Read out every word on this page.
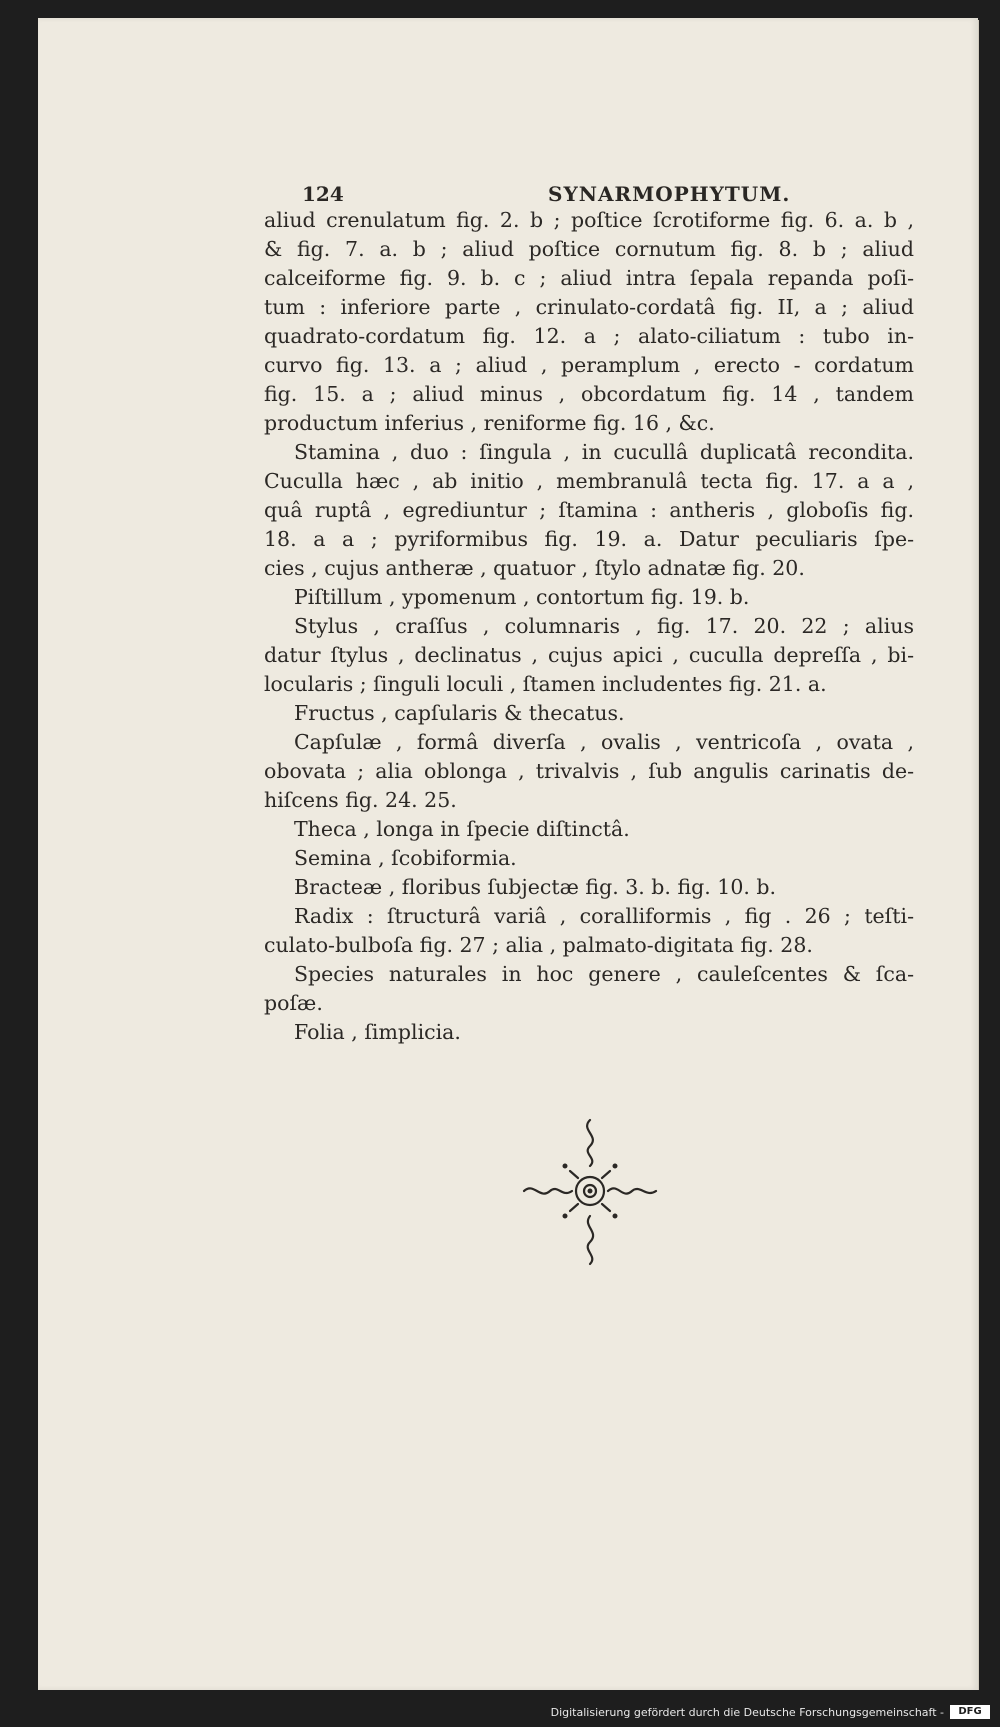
124	SYNARMOPHYTUM.
aliud crenulatum fig. 2. b ; poſtice ſcrotiforme fig. 6. a. b ,
& fig. 7. a. b ; aliud poſtice cornutum fig. 8. b ; aliud
calceiforme fig. 9. b. c ; aliud intra ſepala repanda poſi-
tum : inferiore parte , crinulato-cordatâ fig. II, a ; aliud
quadrato-cordatum fig. 12. a ; alato-ciliatum : tubo in-
curvo fig. 13. a ; aliud , peramplum , erecto - cordatum
fig. 15. a ; aliud minus , obcordatum fig. 14 , tandem
productum inferius , reniforme fig. 16 , &c.
Stamina , duo : ſingula , in cucullâ duplicatâ recondita.
Cuculla hæc , ab initio , membranulâ tecta fig. 17. a a ,
quâ ruptâ , egrediuntur ; ſtamina : antheris , globoſis fig.
18. a a ; pyriformibus fig. 19. a. Datur peculiaris ſpe-
cies , cujus antheræ , quatuor , ſtylo adnatæ fig. 20.
Piſtillum , ypomenum , contortum fig. 19. b.
Stylus , craſſus , columnaris , fig. 17. 20. 22 ; alius
datur ſtylus , declinatus , cujus apici , cuculla depreſſa , bi-
locularis ; ſinguli loculi , ſtamen includentes fig. 21. a.
Fructus , capſularis & thecatus.
Capſulæ , formâ diverſa , ovalis , ventricoſa , ovata ,
obovata ; alia oblonga , trivalvis , ſub angulis carinatis de-
hiſcens fig. 24. 25.
Theca , longa in ſpecie diſtinctâ.
Semina , ſcobiformia.
Bracteæ , floribus ſubjectæ fig. 3. b. fig. 10. b.
Radix : ſtructurâ variâ , coralliformis , fig . 26 ; teſti-
culato-bulboſa fig. 27 ; alia , palmato-digitata fig. 28.
Species naturales in hoc genere , cauleſcentes & ſca-
poſæ.
Folia , ſimplicia.
Digitalisierung gefördert durch die Deutsche Forschungsgemeinschaft -	DFG
